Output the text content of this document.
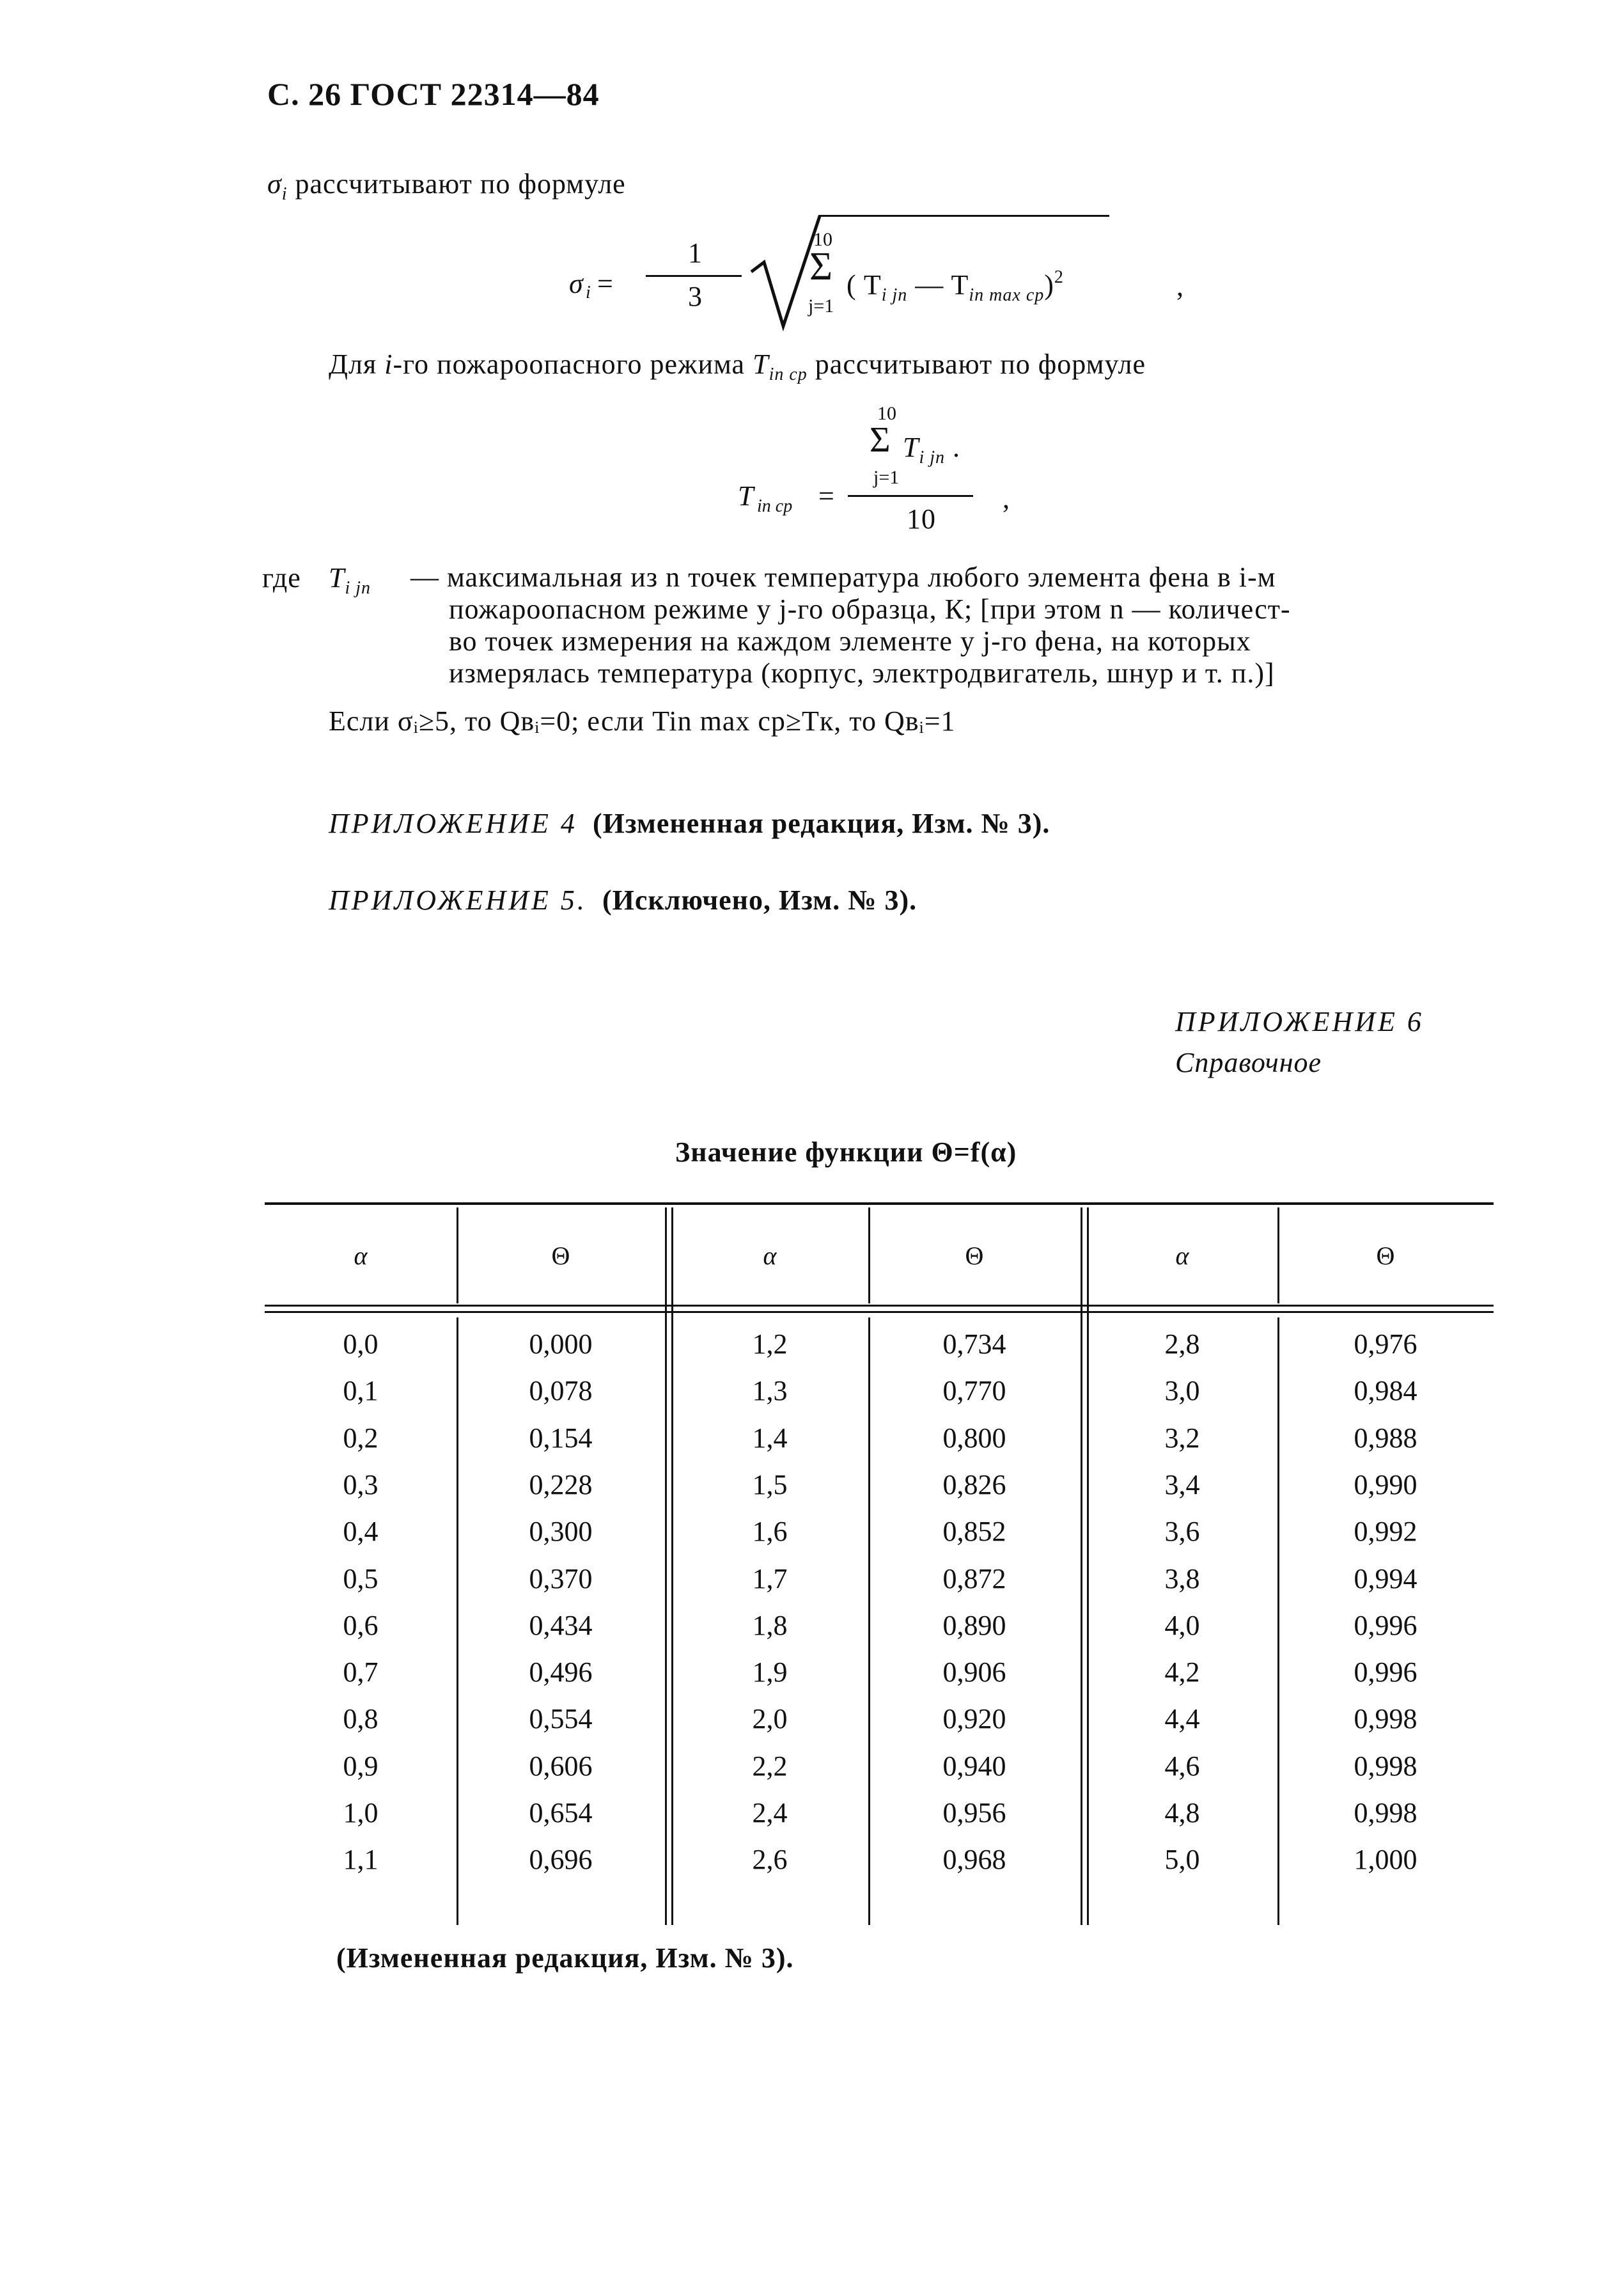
С. 26 ГОСТ 22314—84
$\sigma_i$ рассчитывают по формуле
σ i =
1
3
10
Σ
j=1
( $T_{i jn}$ — $T_{in max ср})^2$	,
Для i-го пожароопасного режима $T_{in ср}$ рассчитывают по формуле
10
Σ $T_{i jn}$ .
j=1
T in ср =
10
,
где $T_{i jn}$ — максимальная из n точек температура любого элемента фена в i-м
пожароопасном режиме у j-го образца, К; [при этом n — количест-
во точек измерения на каждом элементе у j-го фена, на которых
измерялась температура (корпус, электродвигатель, шнур и т. п.)]
Если σᵢ≥5, то Qвᵢ=0; если Tin max ср≥Tк, то Qвᵢ=1
ПРИЛОЖЕНИЕ 4 (Измененная редакция, Изм. № 3).
ПРИЛОЖЕНИЕ 5. (Исключено, Изм. № 3).
ПРИЛОЖЕНИЕ 6
Справочное
Значение функции Θ=f(α)
α	Θ	α	Θ	α	Θ
0,0	0,000	1,2	0,734	2,8	0,976
0,1	0,078	1,3	0,770	3,0	0,984
0,2	0,154	1,4	0,800	3,2	0,988
0,3	0,228	1,5	0,826	3,4	0,990
0,4	0,300	1,6	0,852	3,6	0,992
0,5	0,370	1,7	0,872	3,8	0,994
0,6	0,434	1,8	0,890	4,0	0,996
0,7	0,496	1,9	0,906	4,2	0,996
0,8	0,554	2,0	0,920	4,4	0,998
0,9	0,606	2,2	0,940	4,6	0,998
1,0	0,654	2,4	0,956	4,8	0,998
1,1	0,696	2,6	0,968	5,0	1,000
(Измененная редакция, Изм. № 3).
